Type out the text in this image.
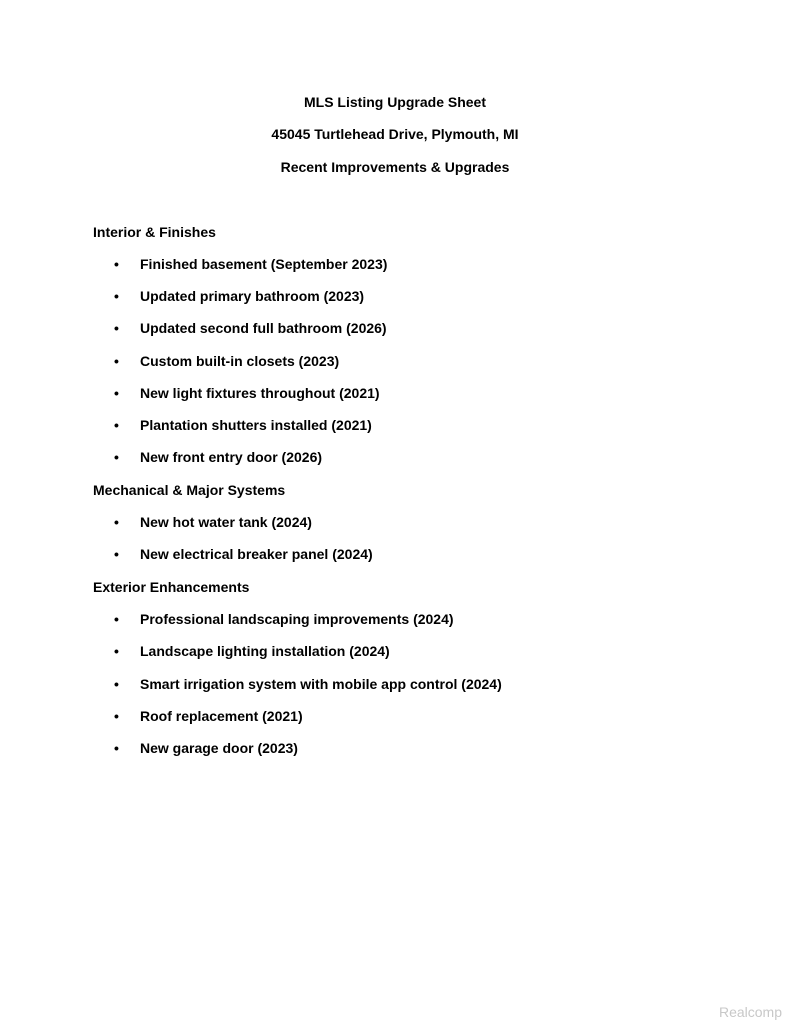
MLS Listing Upgrade Sheet
45045 Turtlehead Drive, Plymouth, MI
Recent Improvements & Upgrades
Interior & Finishes
•	Finished basement (September 2023)
•	Updated primary bathroom (2023)
•	Updated second full bathroom (2026)
•	Custom built-in closets (2023)
•	New light fixtures throughout (2021)
•	Plantation shutters installed (2021)
•	New front entry door (2026)
Mechanical & Major Systems
•	New hot water tank (2024)
•	New electrical breaker panel (2024)
Exterior Enhancements
•	Professional landscaping improvements (2024)
•	Landscape lighting installation (2024)
•	Smart irrigation system with mobile app control (2024)
•	Roof replacement (2021)
•	New garage door (2023)
Realcomp
